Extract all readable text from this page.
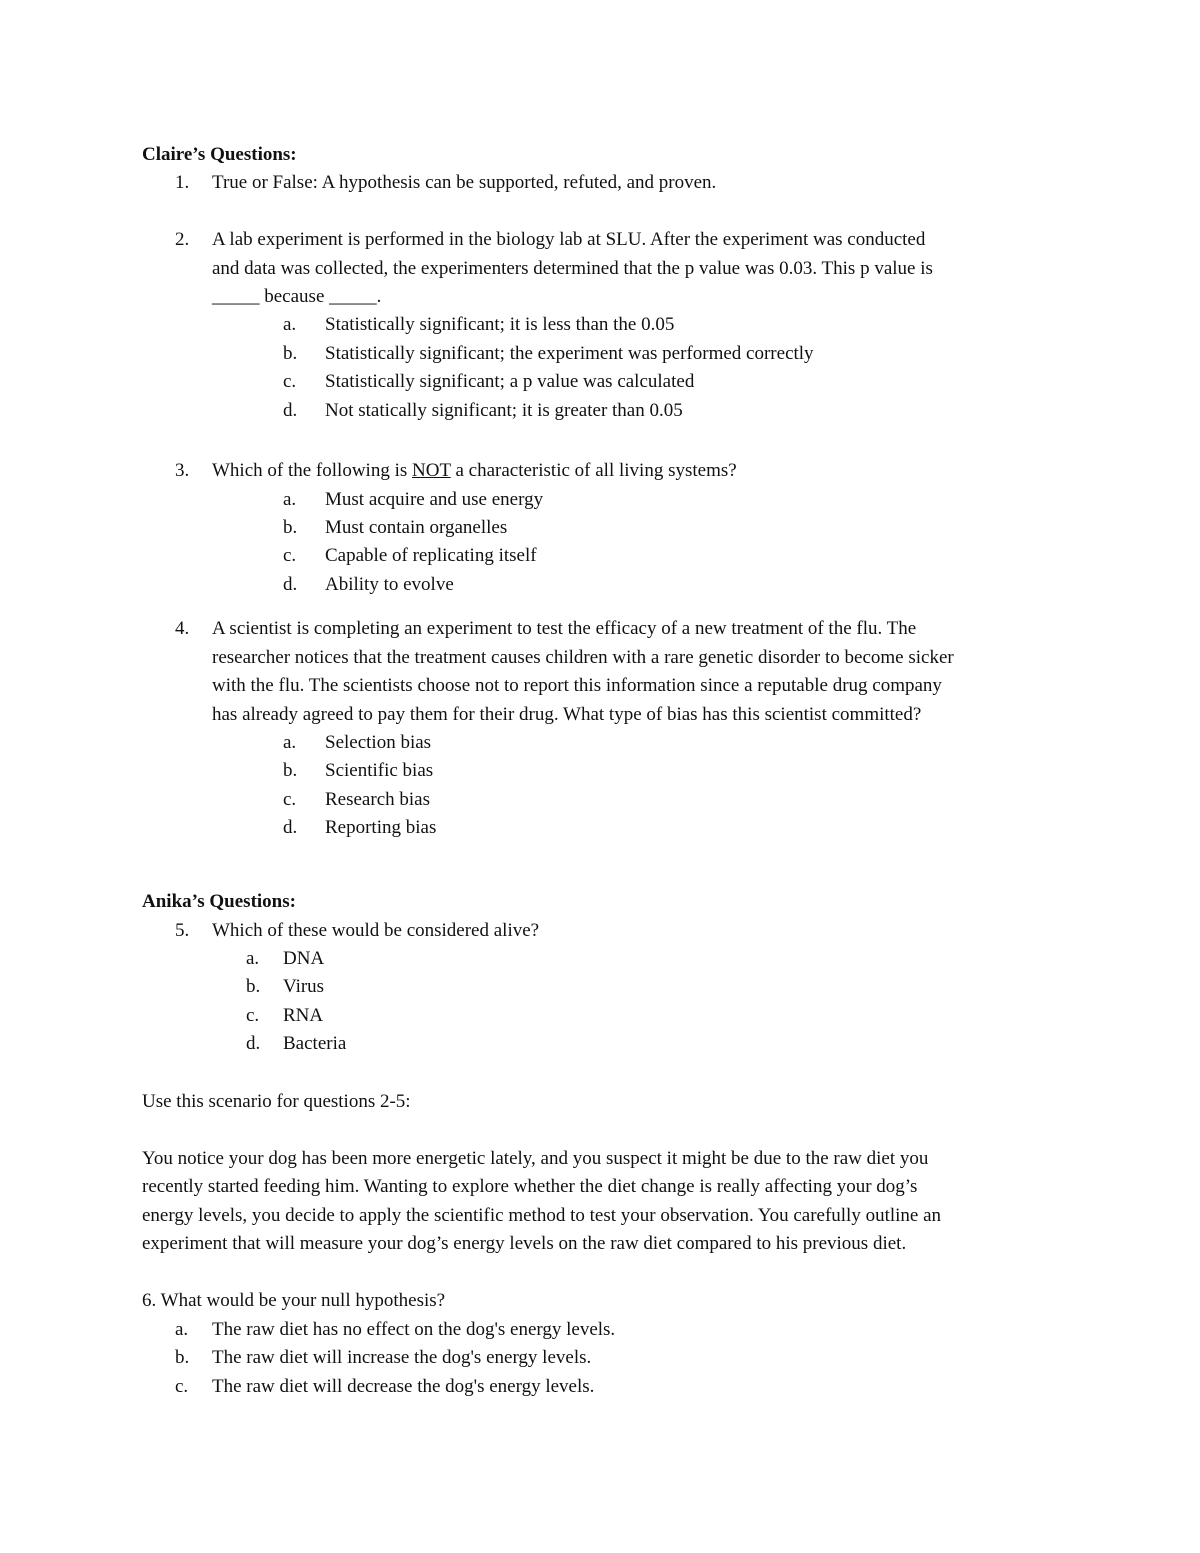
Claire’s Questions:
1. True or False: A hypothesis can be supported, refuted, and proven.
2. A lab experiment is performed in the biology lab at SLU. After the experiment was conducted
and data was collected, the experimenters determined that the p value was 0.03. This p value is
_____ because _____.
a. Statistically significant; it is less than the 0.05
b. Statistically significant; the experiment was performed correctly
c. Statistically significant; a p value was calculated
d. Not statically significant; it is greater than 0.05
3. Which of the following is NOT a characteristic of all living systems?
a. Must acquire and use energy
b. Must contain organelles
c. Capable of replicating itself
d. Ability to evolve
4. A scientist is completing an experiment to test the efficacy of a new treatment of the flu. The
researcher notices that the treatment causes children with a rare genetic disorder to become sicker
with the flu. The scientists choose not to report this information since a reputable drug company
has already agreed to pay them for their drug. What type of bias has this scientist committed?
a. Selection bias
b. Scientific bias
c. Research bias
d. Reporting bias
Anika’s Questions:
5. Which of these would be considered alive?
a. DNA
b. Virus
c. RNA
d. Bacteria
Use this scenario for questions 2-5:
You notice your dog has been more energetic lately, and you suspect it might be due to the raw diet you
recently started feeding him. Wanting to explore whether the diet change is really affecting your dog’s
energy levels, you decide to apply the scientific method to test your observation. You carefully outline an
experiment that will measure your dog’s energy levels on the raw diet compared to his previous diet.
6. What would be your null hypothesis?
a. The raw diet has no effect on the dog's energy levels.
b. The raw diet will increase the dog's energy levels.
c. The raw diet will decrease the dog's energy levels.
